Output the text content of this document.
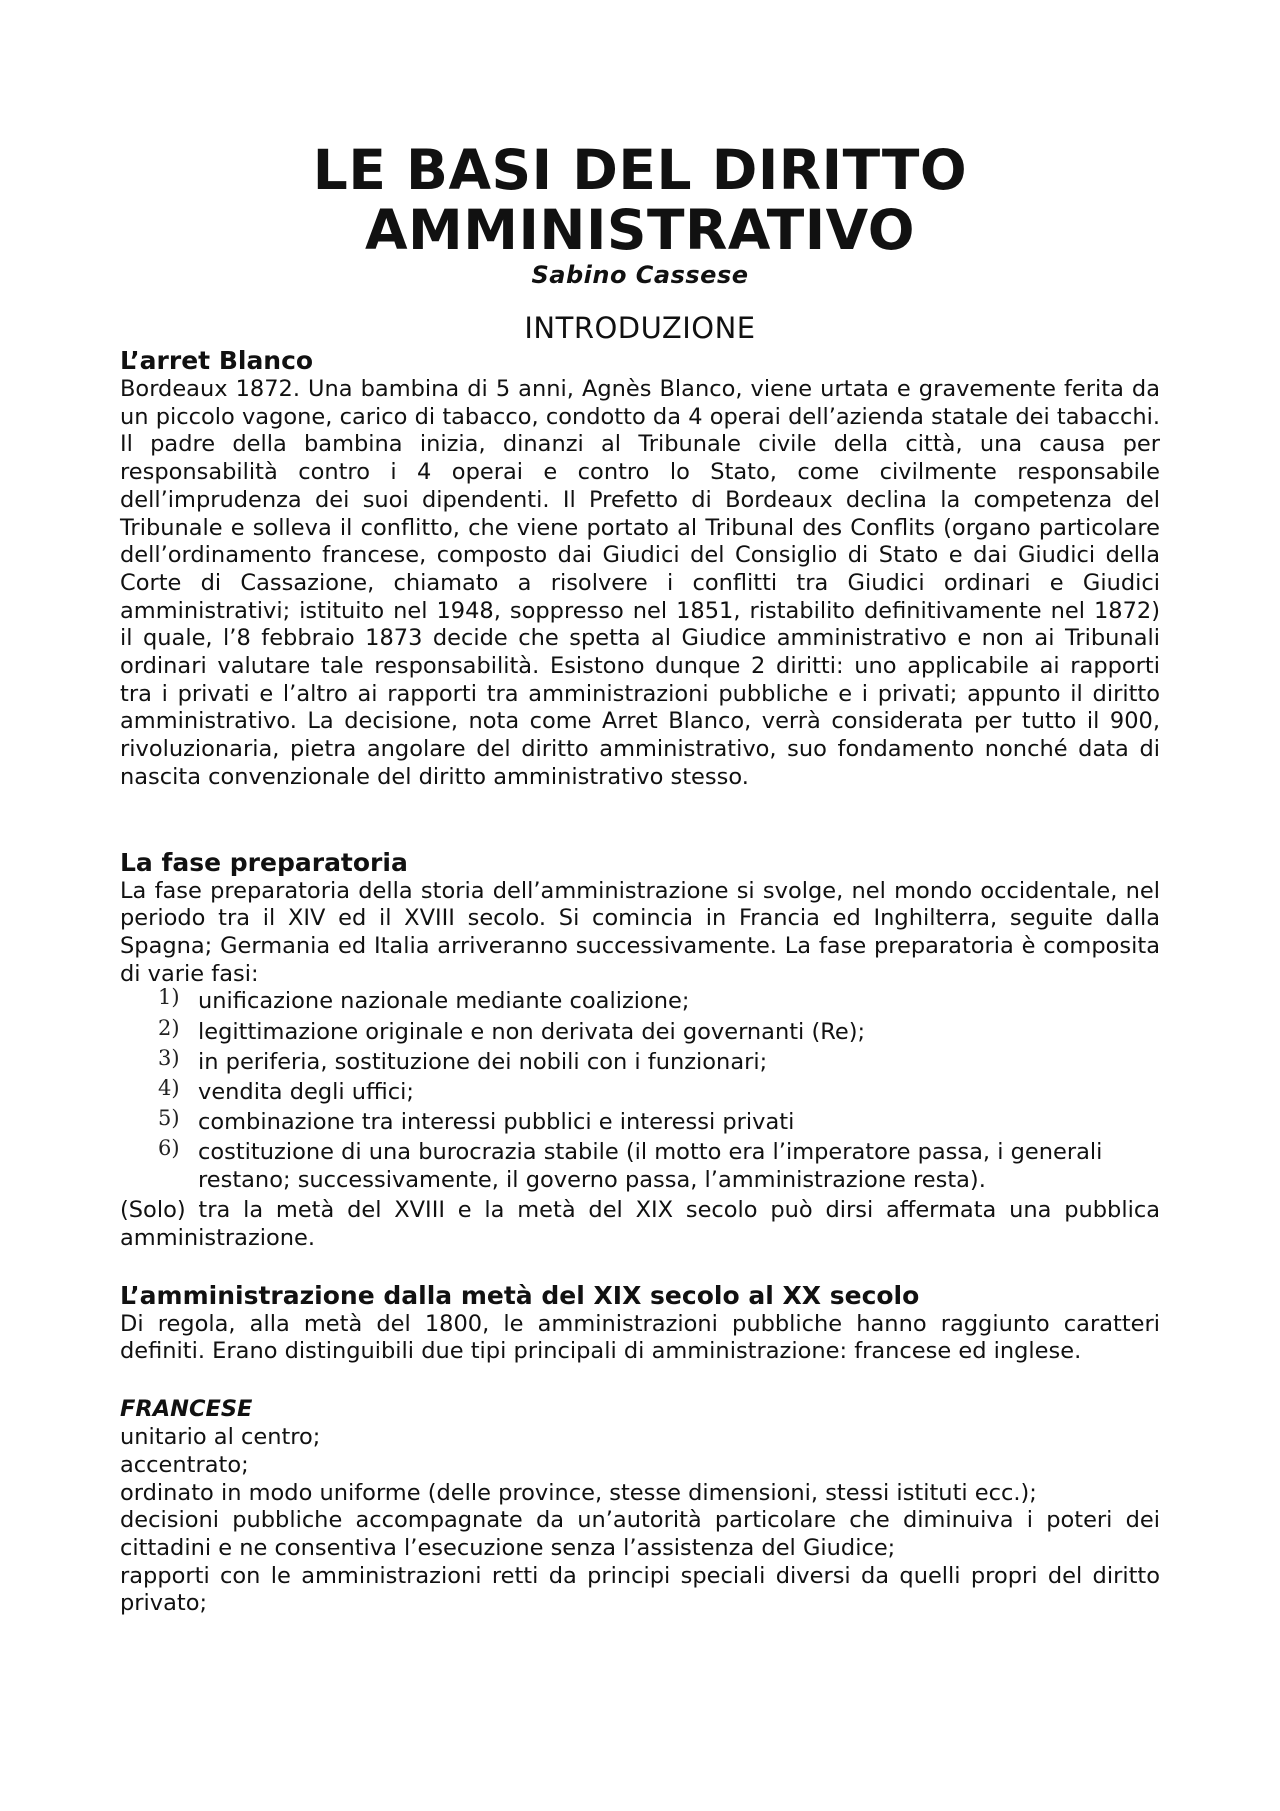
LE BASI DEL DIRITTO
AMMINISTRATIVO
Sabino Cassese
INTRODUZIONE
L’arret Blanco

Bordeaux 1872. Una bambina di 5 anni, Agnès Blanco, viene urtata e gravemente ferita da un piccolo vagone, carico di tabacco, condotto da 4 operai dell’azienda statale dei tabacchi. Il padre della bambina inizia, dinanzi al Tribunale civile della città, una causa per responsabilità contro i 4 operai e contro lo Stato, come civilmente responsabile dell’imprudenza dei suoi dipendenti. Il Prefetto di Bordeaux declina la competenza del Tribunale e solleva il conflitto, che viene portato al Tribunal des Conflits (organo particolare dell’ordinamento francese, composto dai Giudici del Consiglio di Stato e dai Giudici della Corte di Cassazione, chiamato a risolvere i conflitti tra Giudici ordinari e Giudici amministrativi; istituito nel 1948, soppresso nel 1851, ristabilito definitivamente nel 1872) il quale, l’8 febbraio 1873 decide che spetta al Giudice amministrativo e non ai Tribunali ordinari valutare tale responsabilità. Esistono dunque 2 diritti: uno applicabile ai rapporti tra i privati e l’altro ai rapporti tra amministrazioni pubbliche e i privati; appunto il diritto amministrativo. La decisione, nota come Arret Blanco, verrà considerata per tutto il 900, rivoluzionaria, pietra angolare del diritto amministrativo, suo fondamento nonché data di nascita convenzionale del diritto amministrativo stesso.

La fase preparatoria

La fase preparatoria della storia dell’amministrazione si svolge, nel mondo occidentale, nel periodo tra il XIV ed il XVIII secolo. Si comincia in Francia ed Inghilterra, seguite dalla Spagna; Germania ed Italia arriveranno successivamente. La fase preparatoria è composita di varie fasi:

1) unificazione nazionale mediante coalizione;
2) legittimazione originale e non derivata dei governanti (Re);
3) in periferia, sostituzione dei nobili con i funzionari;
4) vendita degli uffici;
5) combinazione tra interessi pubblici e interessi privati
6) costituzione di una burocrazia stabile (il motto era l’imperatore passa, i generali restano; successivamente, il governo passa, l’amministrazione resta).

(Solo) tra la metà del XVIII e la metà del XIX secolo può dirsi affermata una pubblica amministrazione.

L’amministrazione dalla metà del XIX secolo al XX secolo

Di regola, alla metà del 1800, le amministrazioni pubbliche hanno raggiunto caratteri definiti. Erano distinguibili due tipi principali di amministrazione: francese ed inglese.

FRANCESE

unitario al centro;

accentrato;

ordinato in modo uniforme (delle province, stesse dimensioni, stessi istituti ecc.);

decisioni pubbliche accompagnate da un’autorità particolare che diminuiva i poteri dei cittadini e ne consentiva l’esecuzione senza l’assistenza del Giudice;

rapporti con le amministrazioni retti da principi speciali diversi da quelli propri del diritto privato;
